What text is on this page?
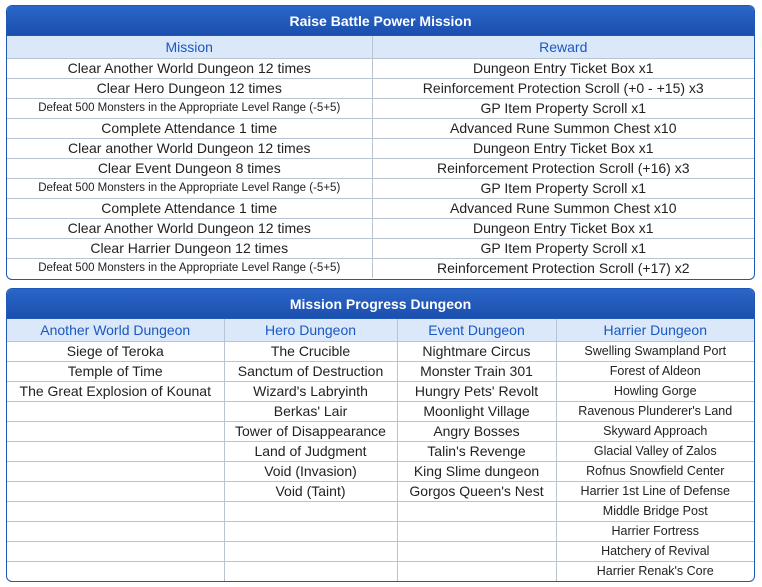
Raise Battle Power Mission
Mission	Reward
Clear Another World Dungeon 12 times	Dungeon Entry Ticket Box x1
Clear Hero Dungeon 12 times	Reinforcement Protection Scroll (+0 - +15) x3
Defeat 500 Monsters in the Appropriate Level Range (-5+5)	GP Item Property Scroll x1
Complete Attendance 1 time	Advanced Rune Summon Chest x10
Clear another World Dungeon 12 times	Dungeon Entry Ticket Box x1
Clear Event Dungeon 8 times	Reinforcement Protection Scroll (+16) x3
Defeat 500 Monsters in the Appropriate Level Range (-5+5)	GP Item Property Scroll x1
Complete Attendance 1 time	Advanced Rune Summon Chest x10
Clear Another World Dungeon 12 times	Dungeon Entry Ticket Box x1
Clear Harrier Dungeon 12 times	GP Item Property Scroll x1
Defeat 500 Monsters in the Appropriate Level Range (-5+5)	Reinforcement Protection Scroll (+17) x2
Mission Progress Dungeon
Another World Dungeon	Hero Dungeon	Event Dungeon	Harrier Dungeon
Siege of Teroka	The Crucible	Nightmare Circus	Swelling Swampland Port
Temple of Time	Sanctum of Destruction	Monster Train 301	Forest of Aldeon
The Great Explosion of Kounat	Wizard's Labryinth	Hungry Pets' Revolt	Howling Gorge
	Berkas' Lair	Moonlight Village	Ravenous Plunderer's Land
	Tower of Disappearance	Angry Bosses	Skyward Approach
	Land of Judgment	Talin's Revenge	Glacial Valley of Zalos
	Void (Invasion)	King Slime dungeon	Rofnus Snowfield Center
	Void (Taint)	Gorgos Queen's Nest	Harrier 1st Line of Defense
			Middle Bridge Post
			Harrier Fortress
			Hatchery of Revival
			Harrier Renak's Core
